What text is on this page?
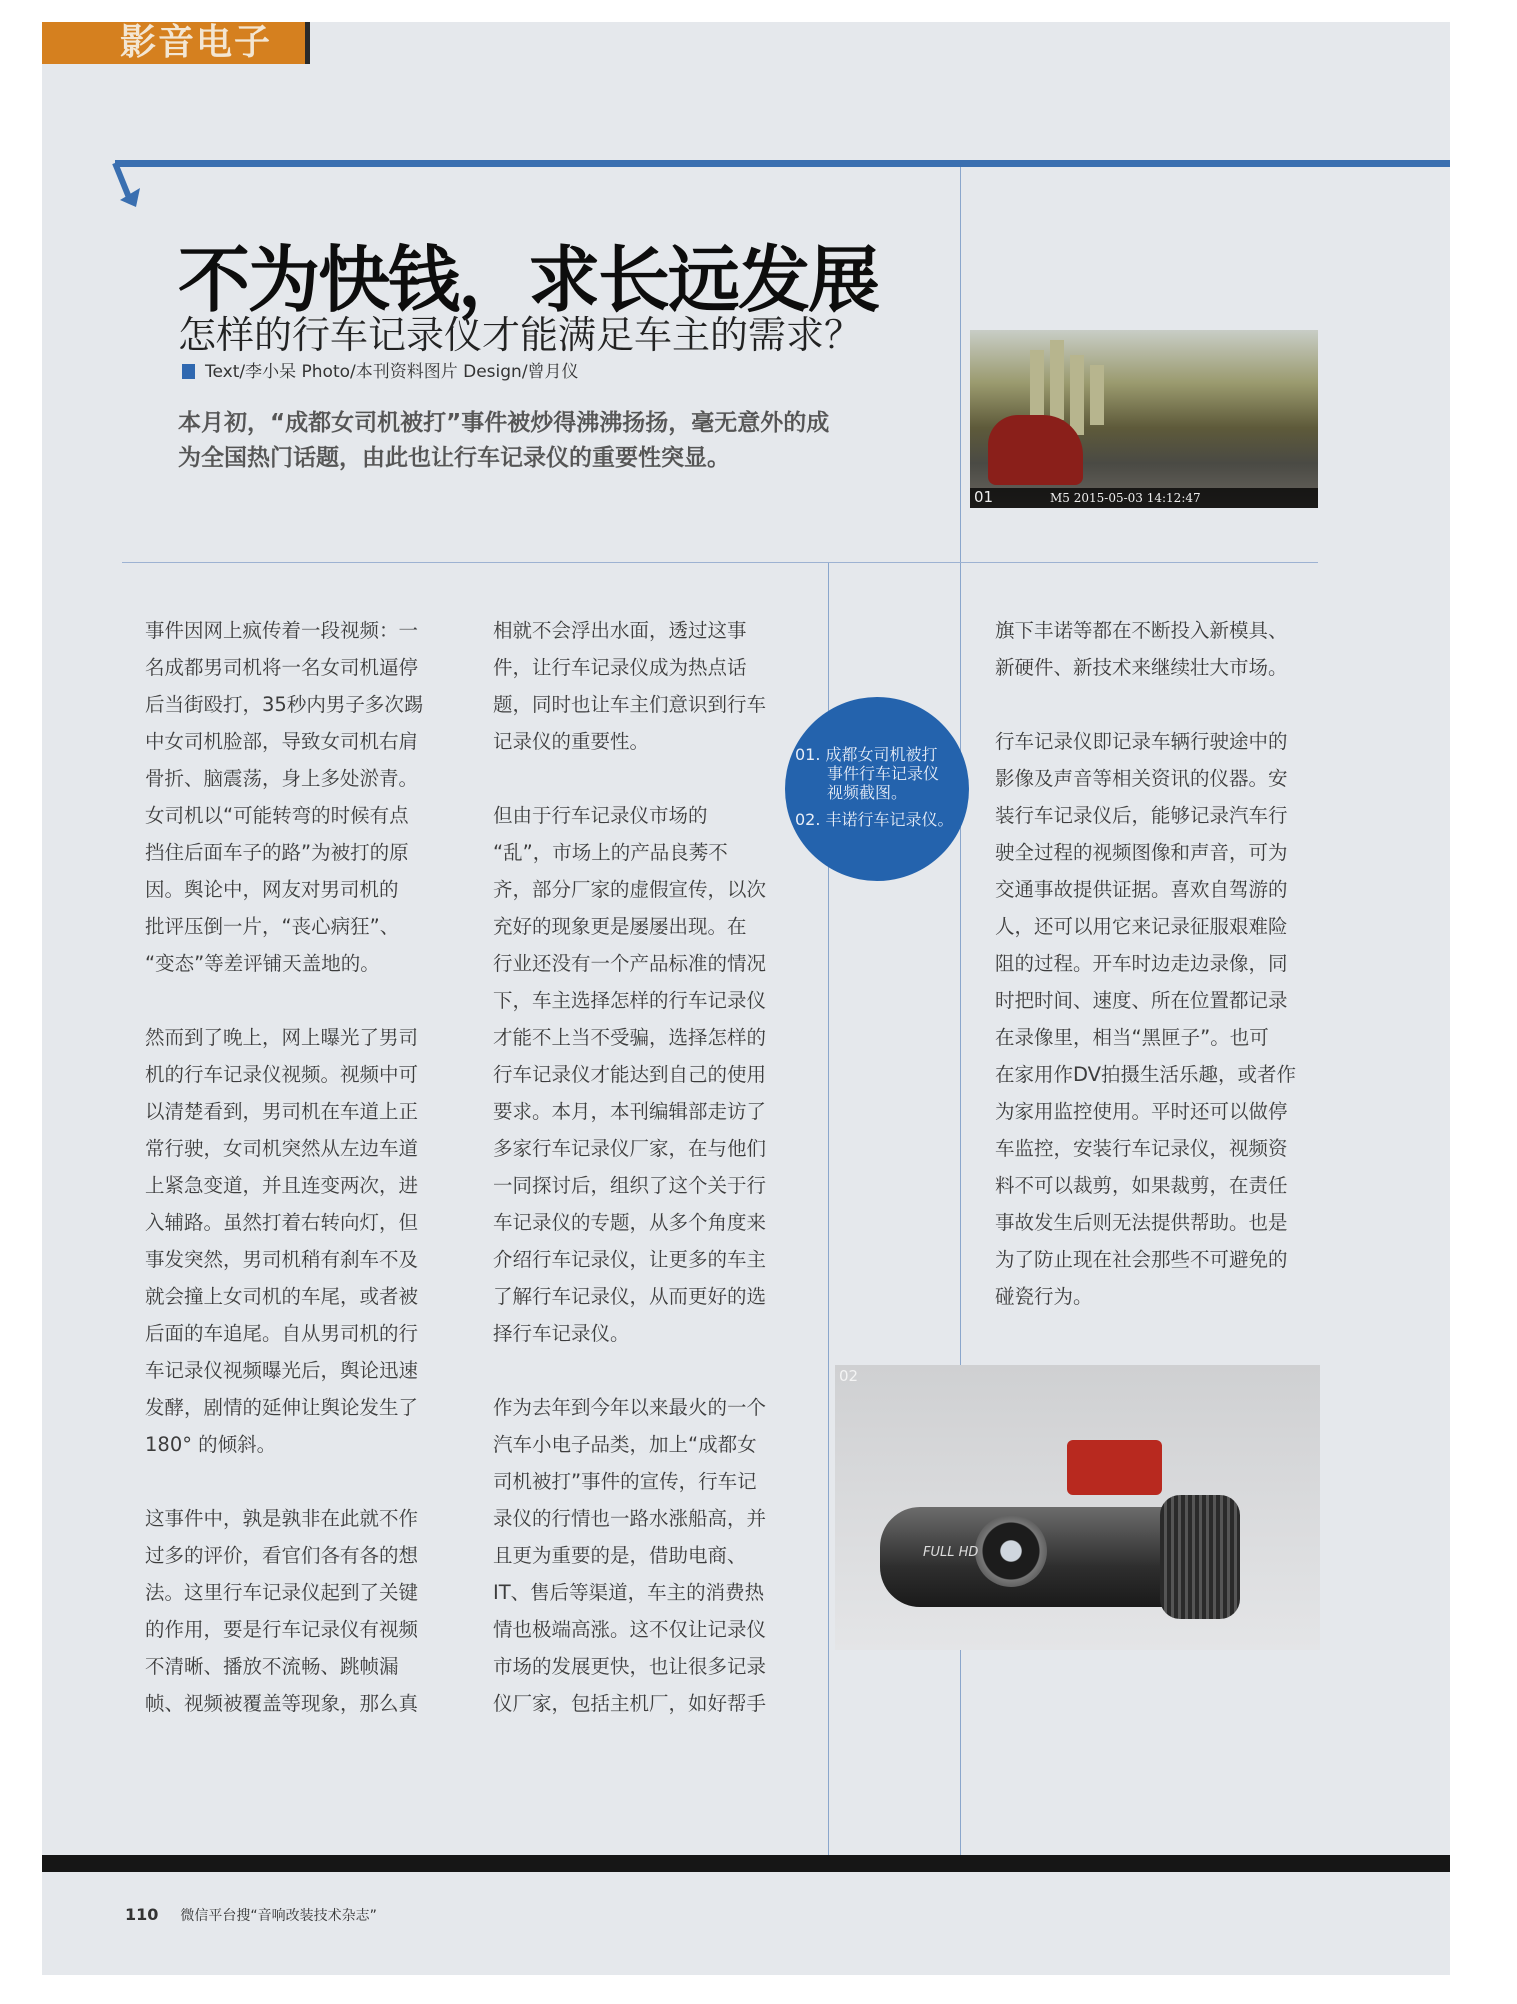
影音电子
不为快钱，求长远发展
怎样的行车记录仪才能满足车主的需求？
Text/李小呆 Photo/本刊资料图片 Design/曾月仪
本月初，“成都女司机被打”事件被炒得沸沸扬扬，毫无意外的成为全国热门话题，由此也让行车记录仪的重要性突显。
M5 2015-05-03 14:12:47
01

事件因网上疯传着一段视频：一
名成都男司机将一名女司机逼停
后当街殴打，35秒内男子多次踢
中女司机脸部，导致女司机右肩
骨折、脑震荡，身上多处淤青。
女司机以“可能转弯的时候有点
挡住后面车子的路”为被打的原
因。舆论中，网友对男司机的
批评压倒一片，“丧心病狂”、
“变态”等差评铺天盖地的。

然而到了晚上，网上曝光了男司
机的行车记录仪视频。视频中可
以清楚看到，男司机在车道上正
常行驶，女司机突然从左边车道
上紧急变道，并且连变两次，进
入辅路。虽然打着右转向灯，但
事发突然，男司机稍有刹车不及
就会撞上女司机的车尾，或者被
后面的车追尾。自从男司机的行
车记录仪视频曝光后，舆论迅速
发酵，剧情的延伸让舆论发生了
180° 的倾斜。

这事件中，孰是孰非在此就不作
过多的评价，看官们各有各的想
法。这里行车记录仪起到了关键
的作用，要是行车记录仪有视频
不清晰、播放不流畅、跳帧漏
帧、视频被覆盖等现象，那么真

相就不会浮出水面，透过这事
件，让行车记录仪成为热点话
题，同时也让车主们意识到行车
记录仪的重要性。

但由于行车记录仪市场的
“乱”，市场上的产品良莠不
齐，部分厂家的虚假宣传，以次
充好的现象更是屡屡出现。在
行业还没有一个产品标准的情况
下，车主选择怎样的行车记录仪
才能不上当不受骗，选择怎样的
行车记录仪才能达到自己的使用
要求。本月，本刊编辑部走访了
多家行车记录仪厂家，在与他们
一同探讨后，组织了这个关于行
车记录仪的专题，从多个角度来
介绍行车记录仪，让更多的车主
了解行车记录仪，从而更好的选
择行车记录仪。

作为去年到今年以来最火的一个
汽车小电子品类，加上“成都女
司机被打”事件的宣传，行车记
录仪的行情也一路水涨船高，并
且更为重要的是，借助电商、
IT、售后等渠道，车主的消费热
情也极端高涨。这不仅让记录仪
市场的发展更快，也让很多记录
仪厂家，包括主机厂，如好帮手

旗下丰诺等都在不断投入新模具、
新硬件、新技术来继续壮大市场。

行车记录仪即记录车辆行驶途中的
影像及声音等相关资讯的仪器。安
装行车记录仪后，能够记录汽车行
驶全过程的视频图像和声音，可为
交通事故提供证据。喜欢自驾游的
人，还可以用它来记录征服艰难险
阻的过程。开车时边走边录像，同
时把时间、速度、所在位置都记录
在录像里，相当“黑匣子”。也可
在家用作DV拍摄生活乐趣，或者作
为家用监控使用。平时还可以做停
车监控，安装行车记录仪，视频资
料不可以裁剪，如果裁剪，在责任
事故发生后则无法提供帮助。也是
为了防止现在社会那些不可避免的
碰瓷行为。

01. 成都女司机被打
　　事件行车记录仪
　　视频截图。
02. 丰诺行车记录仪。
02
FULL HD
110 微信平台搜“音响改装技术杂志”
